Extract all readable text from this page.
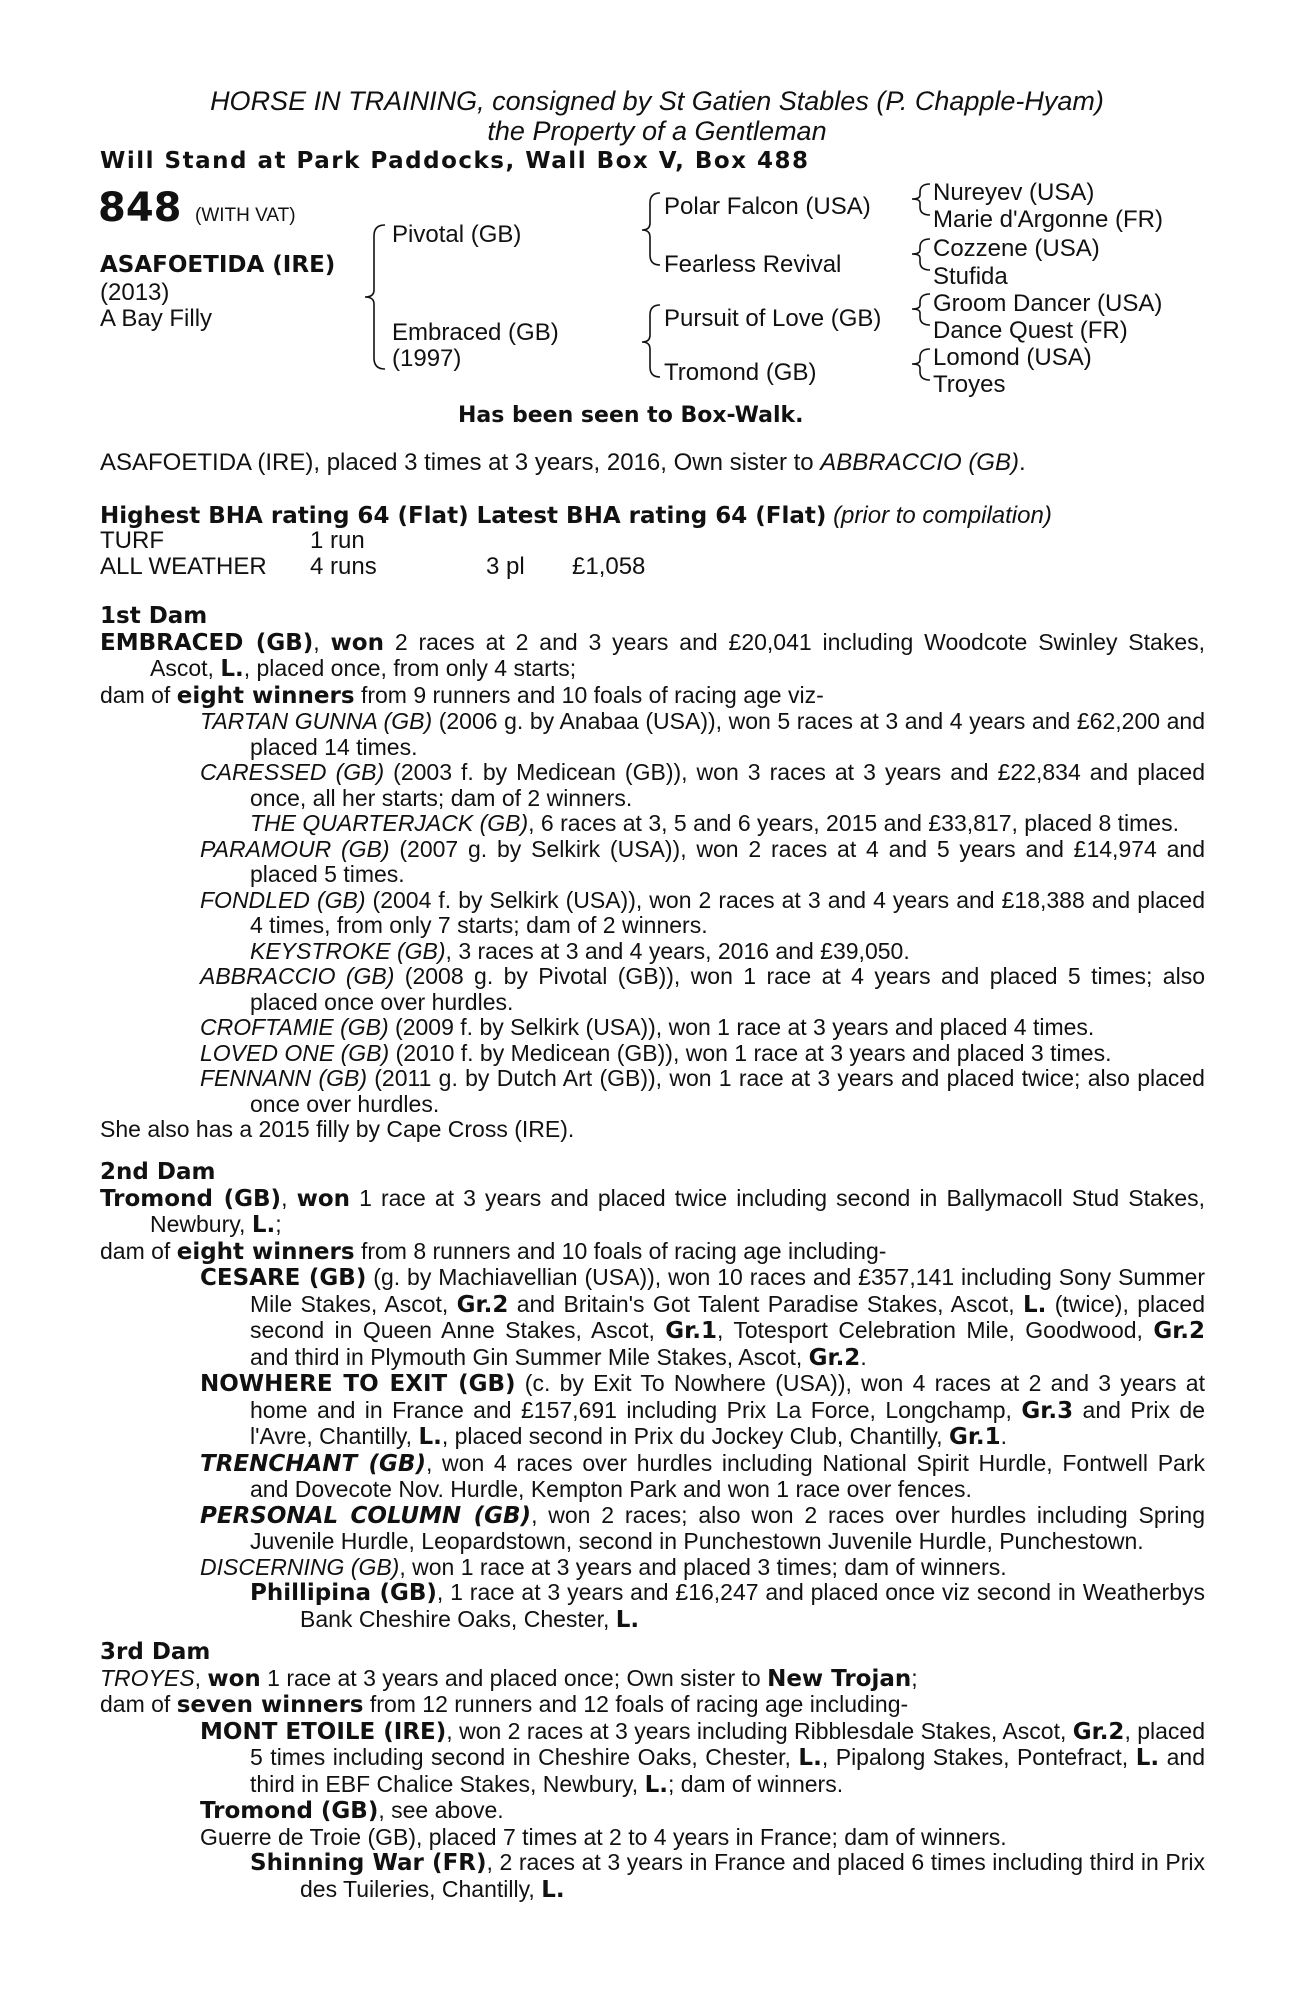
HORSE IN TRAINING, consigned by St Gatien Stables (P. Chapple-Hyam)
the Property of a Gentleman
Will Stand at Park Paddocks, Wall Box V, Box 488
848 (WITH VAT)
ASAFOETIDA (IRE)
(2013)
A Bay Filly
Pivotal (GB)
Embraced (GB)
(1997)
Polar Falcon (USA)
Fearless Revival
Pursuit of Love (GB)
Tromond (GB)
Nureyev (USA)
Marie d'Argonne (FR)
Cozzene (USA)
Stufida
Groom Dancer (USA)
Dance Quest (FR)
Lomond (USA)
Troyes
Has been seen to Box-Walk.
ASAFOETIDA (IRE), placed 3 times at 3 years, 2016, Own sister to ABBRACCIO (GB).
Highest BHA rating 64 (Flat) Latest BHA rating 64 (Flat) (prior to compilation)
TURF	1 run
ALL WEATHER 4 runs	3 pl £1,058

1st Dam

EMBRACED (GB), won 2 races at 2 and 3 years and £20,041 including Woodcote Swinley Stakes, Ascot, L., placed once, from only 4 starts;

dam of eight winners from 9 runners and 10 foals of racing age viz-

TARTAN GUNNA (GB) (2006 g. by Anabaa (USA)), won 5 races at 3 and 4 years and £62,200 and placed 14 times.

CARESSED (GB) (2003 f. by Medicean (GB)), won 3 races at 3 years and £22,834 and placed once, all her starts; dam of 2 winners.

THE QUARTERJACK (GB), 6 races at 3, 5 and 6 years, 2015 and £33,817, placed 8 times.

PARAMOUR (GB) (2007 g. by Selkirk (USA)), won 2 races at 4 and 5 years and £14,974 and placed 5 times.

FONDLED (GB) (2004 f. by Selkirk (USA)), won 2 races at 3 and 4 years and £18,388 and placed 4 times, from only 7 starts; dam of 2 winners.

KEYSTROKE (GB), 3 races at 3 and 4 years, 2016 and £39,050.

ABBRACCIO (GB) (2008 g. by Pivotal (GB)), won 1 race at 4 years and placed 5 times; also placed once over hurdles.

CROFTAMIE (GB) (2009 f. by Selkirk (USA)), won 1 race at 3 years and placed 4 times.

LOVED ONE (GB) (2010 f. by Medicean (GB)), won 1 race at 3 years and placed 3 times.

FENNANN (GB) (2011 g. by Dutch Art (GB)), won 1 race at 3 years and placed twice; also placed once over hurdles.

She also has a 2015 filly by Cape Cross (IRE).

2nd Dam

Tromond (GB), won 1 race at 3 years and placed twice including second in Ballymacoll Stud Stakes, Newbury, L.;

dam of eight winners from 8 runners and 10 foals of racing age including-

CESARE (GB) (g. by Machiavellian (USA)), won 10 races and £357,141 including Sony Summer Mile Stakes, Ascot, Gr.2 and Britain's Got Talent Paradise Stakes, Ascot, L. (twice), placed second in Queen Anne Stakes, Ascot, Gr.1, Totesport Celebration Mile, Goodwood, Gr.2 and third in Plymouth Gin Summer Mile Stakes, Ascot, Gr.2.

NOWHERE TO EXIT (GB) (c. by Exit To Nowhere (USA)), won 4 races at 2 and 3 years at home and in France and £157,691 including Prix La Force, Longchamp, Gr.3 and Prix de l'Avre, Chantilly, L., placed second in Prix du Jockey Club, Chantilly, Gr.1.

TRENCHANT (GB), won 4 races over hurdles including National Spirit Hurdle, Fontwell Park and Dovecote Nov. Hurdle, Kempton Park and won 1 race over fences.

PERSONAL COLUMN (GB), won 2 races; also won 2 races over hurdles including Spring Juvenile Hurdle, Leopardstown, second in Punchestown Juvenile Hurdle, Punchestown.

DISCERNING (GB), won 1 race at 3 years and placed 3 times; dam of winners.

Phillipina (GB), 1 race at 3 years and £16,247 and placed once viz second in Weatherbys Bank Cheshire Oaks, Chester, L.

3rd Dam

TROYES, won 1 race at 3 years and placed once; Own sister to New Trojan;

dam of seven winners from 12 runners and 12 foals of racing age including-

MONT ETOILE (IRE), won 2 races at 3 years including Ribblesdale Stakes, Ascot, Gr.2, placed 5 times including second in Cheshire Oaks, Chester, L., Pipalong Stakes, Pontefract, L. and third in EBF Chalice Stakes, Newbury, L.; dam of winners.

Tromond (GB), see above.

Guerre de Troie (GB), placed 7 times at 2 to 4 years in France; dam of winners.

Shinning War (FR), 2 races at 3 years in France and placed 6 times including third in Prix des Tuileries, Chantilly, L.
